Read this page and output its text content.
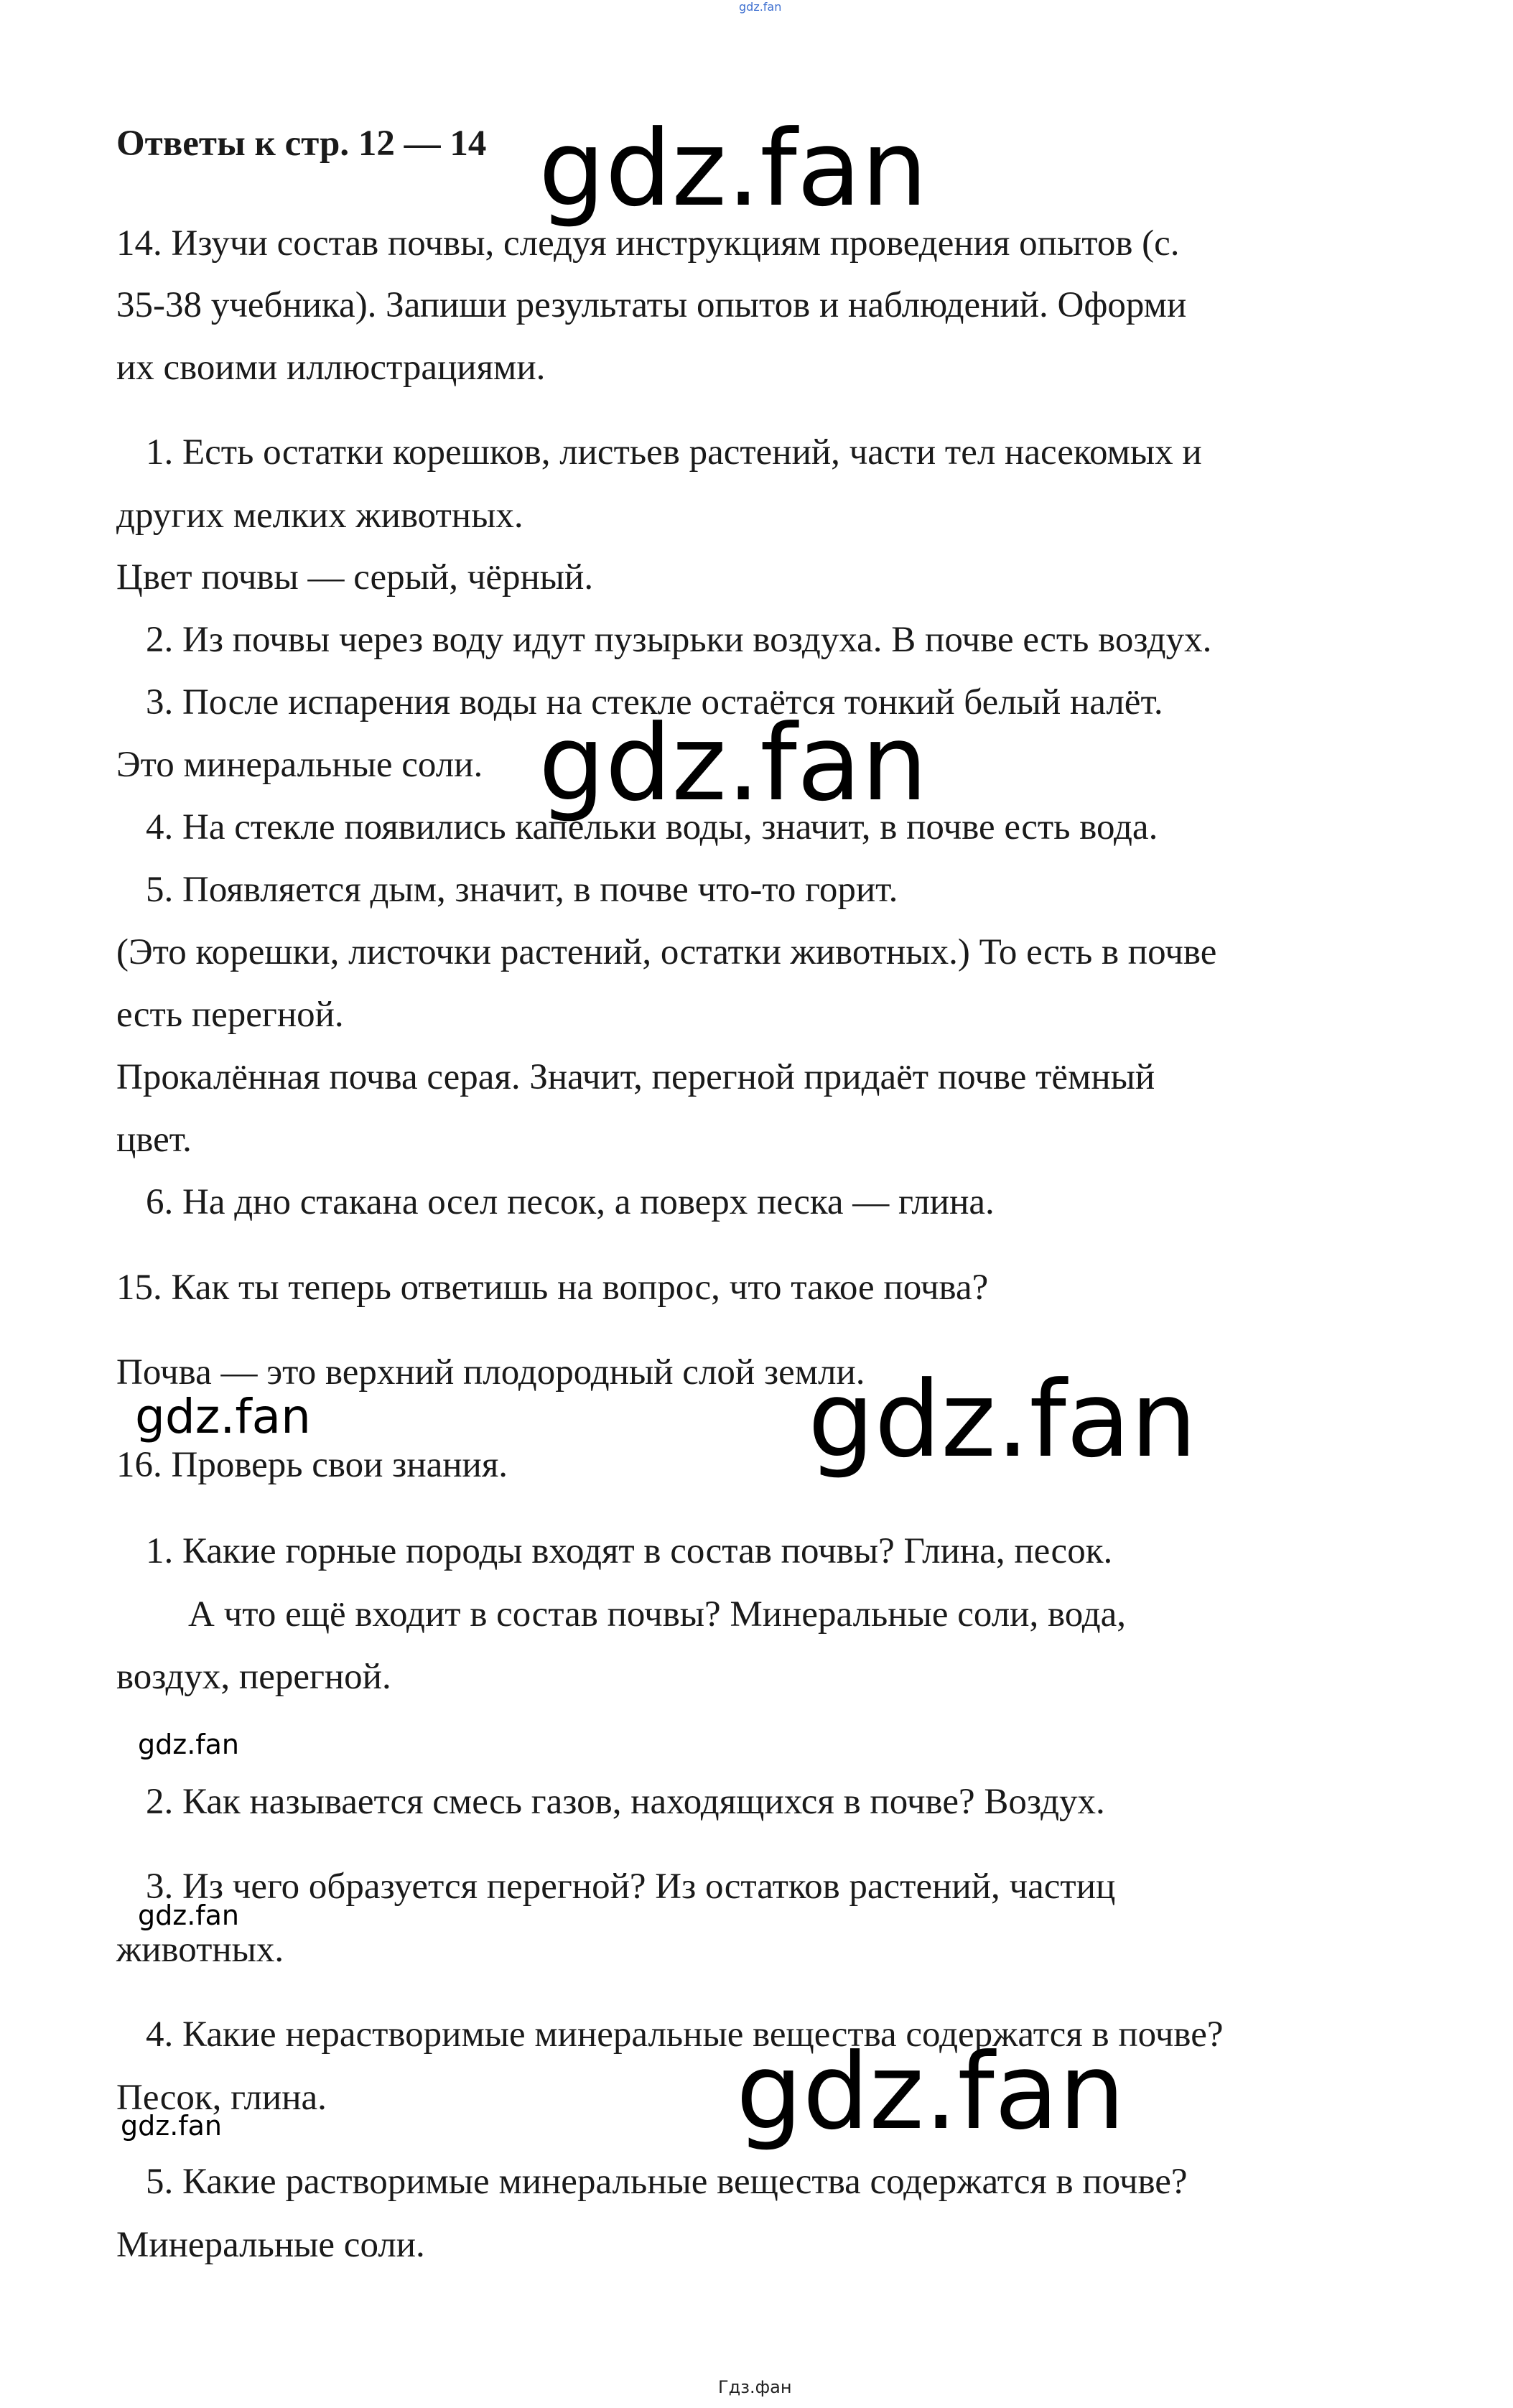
gdz.fan
Ответы к стр. 12 — 14
14. Изучи состав почвы, следуя инструкциям проведения опытов (с.
35-38 учебника). Запиши результаты опытов и наблюдений. Оформи
их своими иллюстрациями.
1. Есть остатки корешков, листьев растений, части тел насекомых и
других мелких животных.
Цвет почвы — серый, чёрный.
2. Из почвы через воду идут пузырьки воздуха. В почве есть воздух.
3. После испарения воды на стекле остаётся тонкий белый налёт.
Это минеральные соли.
4. На стекле появились капельки воды, значит, в почве есть вода.
5. Появляется дым, значит, в почве что-то горит.
(Это корешки, листочки растений, остатки животных.) То есть в почве
есть перегной.
Прокалённая почва серая. Значит, перегной придаёт почве тёмный
цвет.
6. На дно стакана осел песок, а поверх песка — глина.
15. Как ты теперь ответишь на вопрос, что такое почва?
Почва — это верхний плодородный слой земли.
16. Проверь свои знания.
1. Какие горные породы входят в состав почвы? Глина, песок.
А что ещё входит в состав почвы? Минеральные соли, вода,
воздух, перегной.
2. Как называется смесь газов, находящихся в почве? Воздух.
3. Из чего образуется перегной? Из остатков растений, частиц
животных.
4. Какие нерастворимые минеральные вещества содержатся в почве?
Песок, глина.
5. Какие растворимые минеральные вещества содержатся в почве?
Минеральные соли.
gdz.fan
gdz.fan
gdz.fan
gdz.fan
gdz.fan
gdz.fan
gdz.fan
gdz.fan
Гдз.фан
